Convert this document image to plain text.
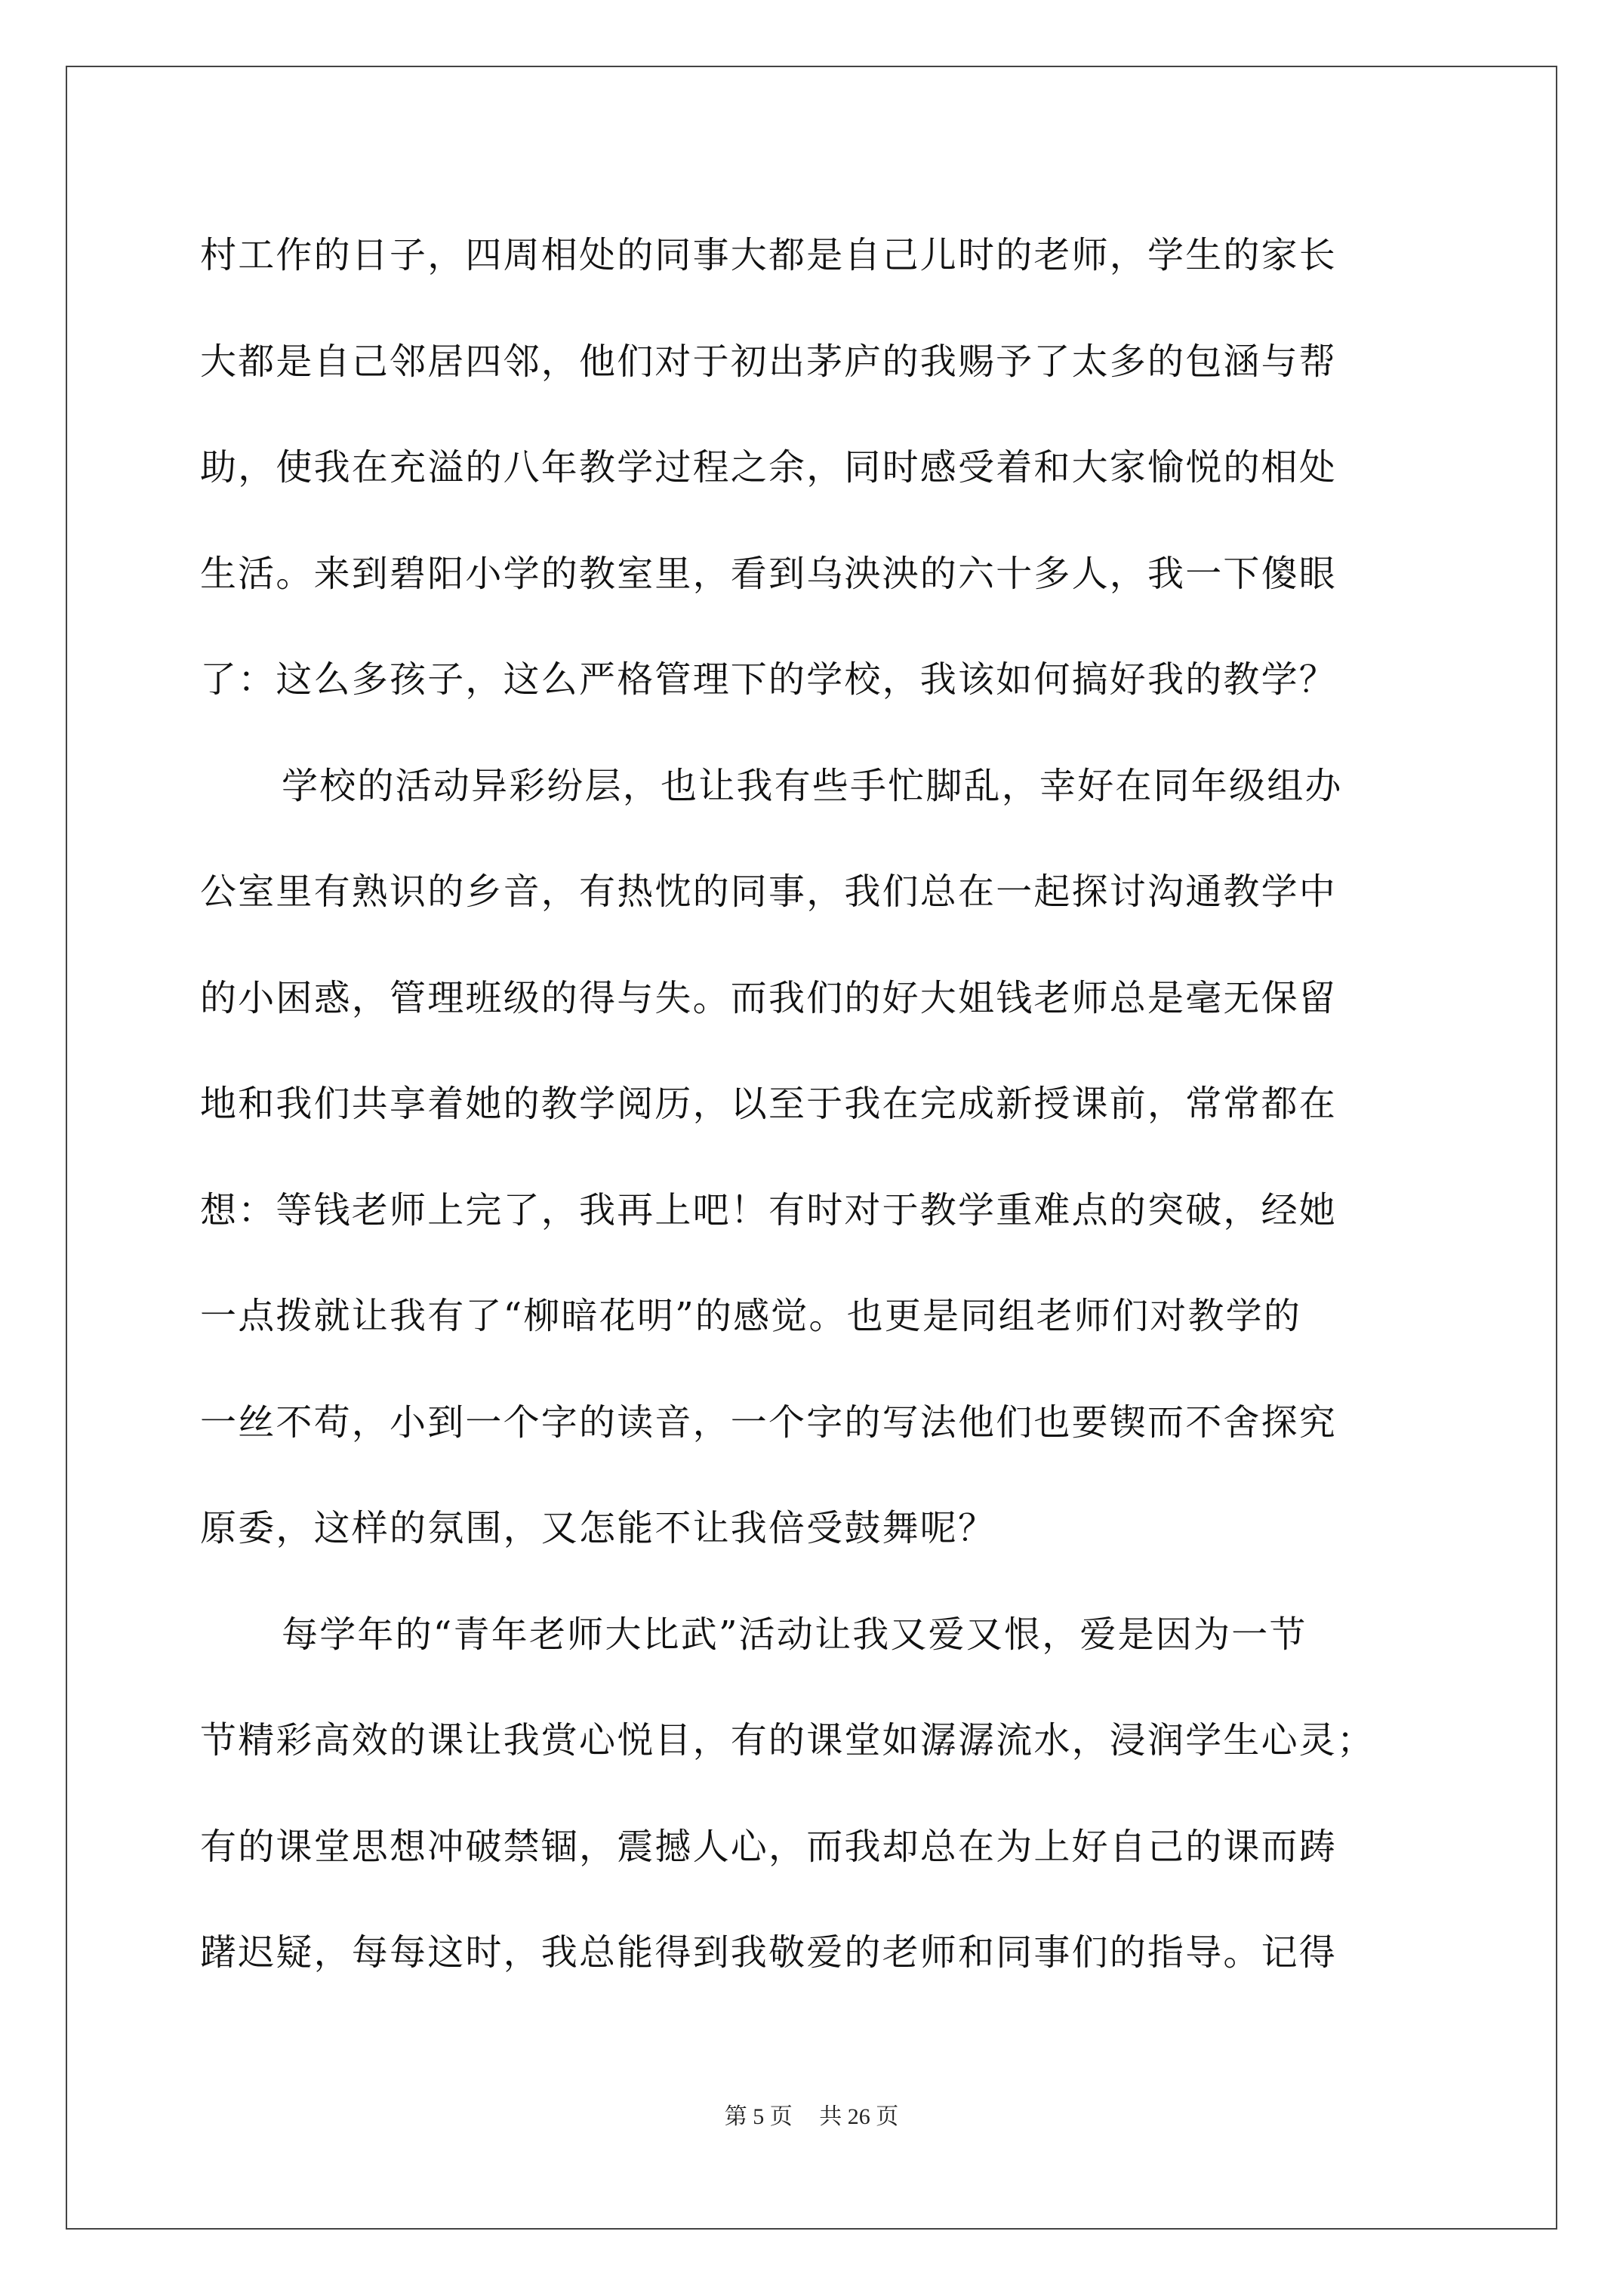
村工作的日子，四周相处的同事大都是自己儿时的老师，学生的家长
大都是自己邻居四邻，他们对于初出茅庐的我赐予了太多的包涵与帮
助，使我在充溢的八年教学过程之余，同时感受着和大家愉悦的相处
生活。来到碧阳小学的教室里，看到乌泱泱的六十多人，我一下傻眼
了：这么多孩子，这么严格管理下的学校，我该如何搞好我的教学？
学校的活动异彩纷层，也让我有些手忙脚乱，幸好在同年级组办
公室里有熟识的乡音，有热忱的同事，我们总在一起探讨沟通教学中
的小困惑，管理班级的得与失。而我们的好大姐钱老师总是毫无保留
地和我们共享着她的教学阅历，以至于我在完成新授课前，常常都在
想：等钱老师上完了，我再上吧！有时对于教学重难点的突破，经她
一点拨就让我有了“柳暗花明”的感觉。也更是同组老师们对教学的
一丝不苟，小到一个字的读音，一个字的写法他们也要锲而不舍探究
原委，这样的氛围，又怎能不让我倍受鼓舞呢？
每学年的“青年老师大比武”活动让我又爱又恨，爱是因为一节
节精彩高效的课让我赏心悦目，有的课堂如潺潺流水，浸润学生心灵；
有的课堂思想冲破禁锢，震撼人心，而我却总在为上好自己的课而踌
躇迟疑，每每这时，我总能得到我敬爱的老师和同事们的指导。记得
第 5 页 共 26 页
